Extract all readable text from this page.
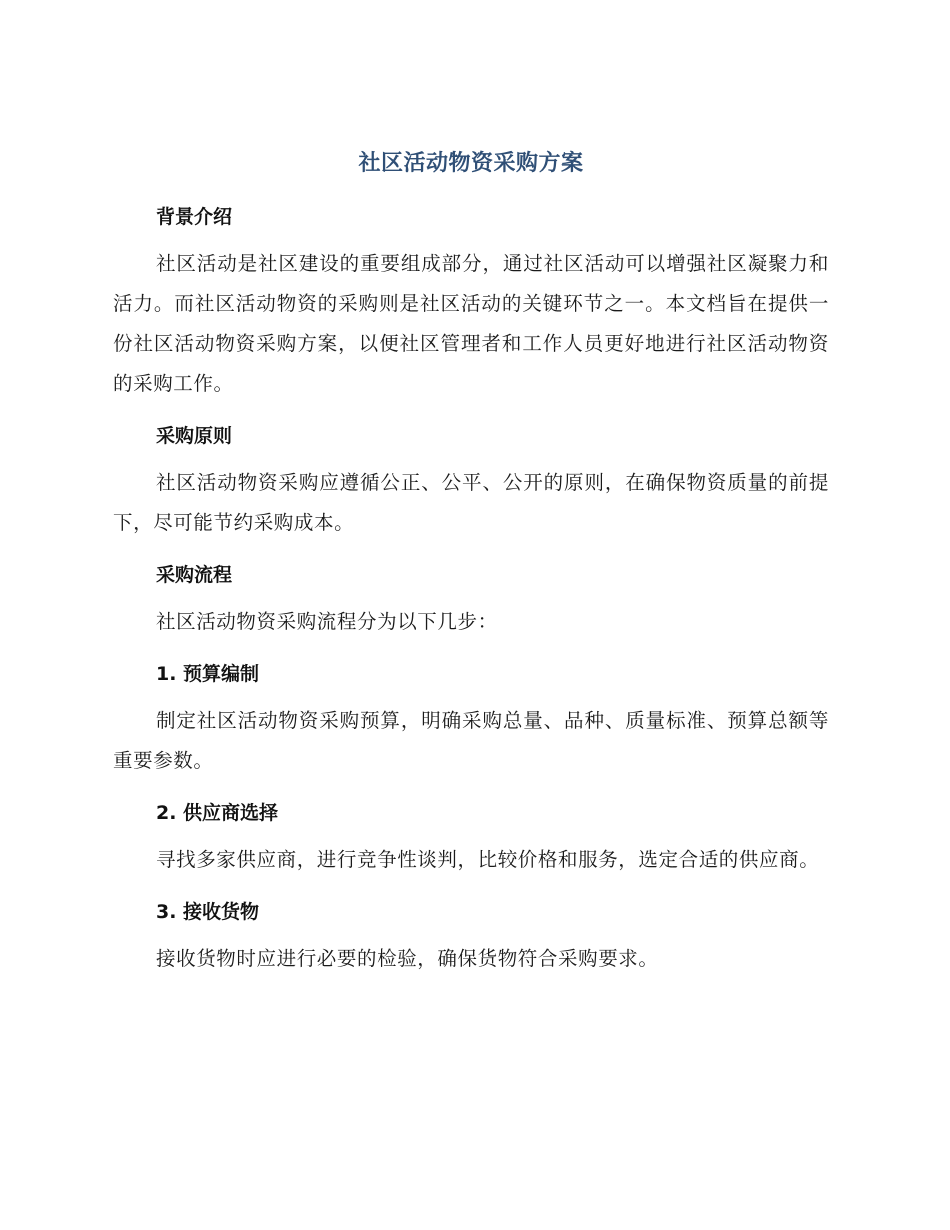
社区活动物资采购方案
背景介绍

社区活动是社区建设的重要组成部分，通过社区活动可以增强社区凝聚力和活力。而社区活动物资的采购则是社区活动的关键环节之一。本文档旨在提供一份社区活动物资采购方案，以便社区管理者和工作人员更好地进行社区活动物资的采购工作。

采购原则

社区活动物资采购应遵循公正、公平、公开的原则，在确保物资质量的前提下，尽可能节约采购成本。

采购流程

社区活动物资采购流程分为以下几步：

1. 预算编制

制定社区活动物资采购预算，明确采购总量、品种、质量标准、预算总额等重要参数。

2. 供应商选择

寻找多家供应商，进行竞争性谈判，比较价格和服务，选定合适的供应商。

3. 接收货物

接收货物时应进行必要的检验，确保货物符合采购要求。
